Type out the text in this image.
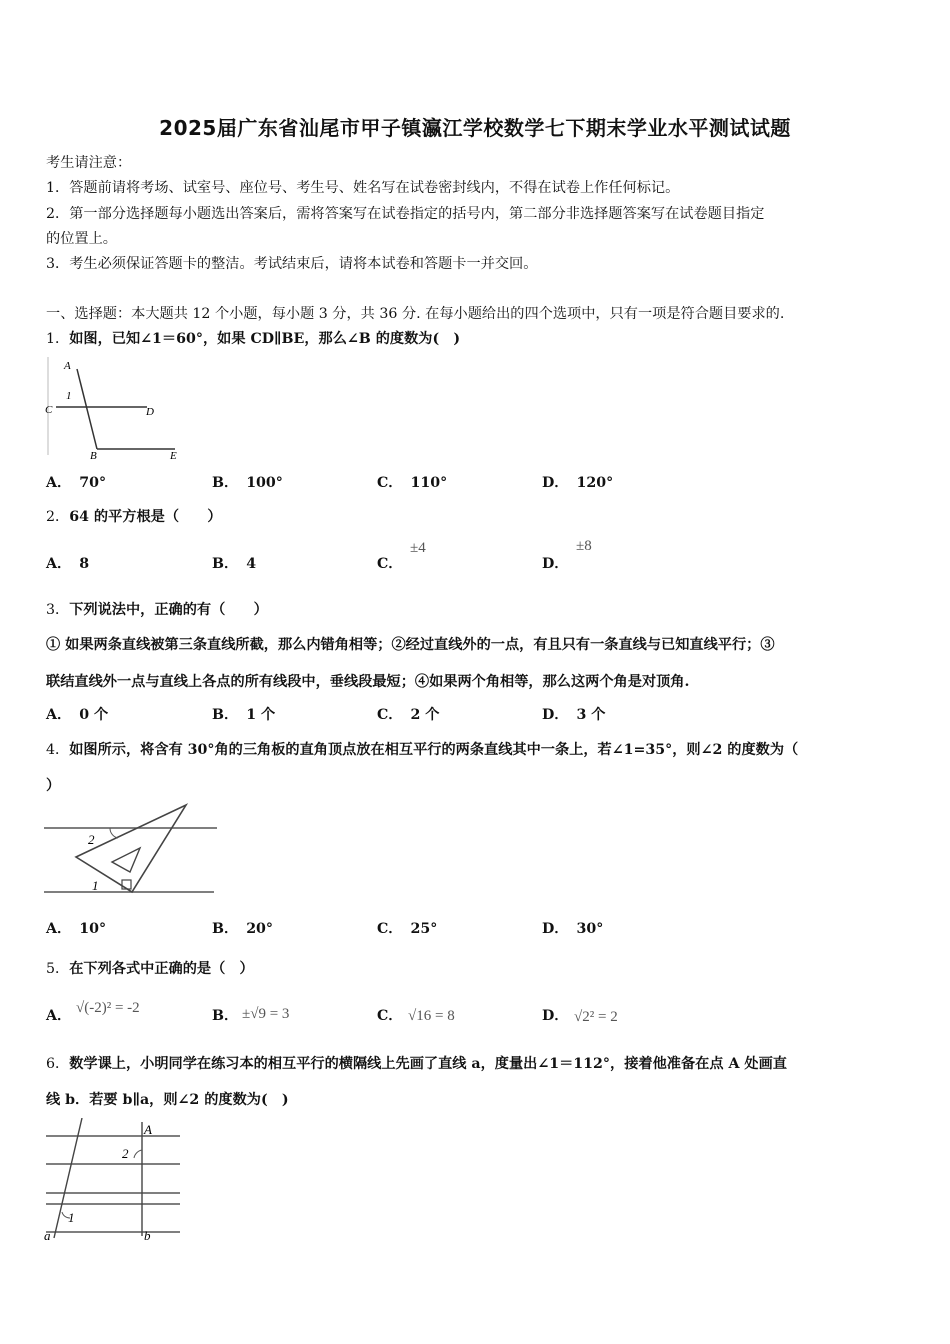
2025届广东省汕尾市甲子镇瀛江学校数学七下期末学业水平测试试题
考生请注意：
1．答题前请将考场、试室号、座位号、考生号、姓名写在试卷密封线内，不得在试卷上作任何标记。
2．第一部分选择题每小题选出答案后，需将答案写在试卷指定的括号内，第二部分非选择题答案写在试卷题目指定
的位置上。
3．考生必须保证答题卡的整洁。考试结束后，请将本试卷和答题卡一并交回。
一、选择题：本大题共 12 个小题，每小题 3 分，共 36 分. 在每小题给出的四个选项中，只有一项是符合题目要求的.
1．如图，已知∠1＝60°，如果 CD∥BE，那么∠B 的度数为(　)
A
1
C	D
B	E
A． 70°	B． 100°	C． 110°	D． 120°
2．64 的平方根是（　　）
A． 8	B． 4	C．
±4
D．
±8
3．下列说法中，正确的有（　　）
① 如果两条直线被第三条直线所截，那么内错角相等；②经过直线外的一点，有且只有一条直线与已知直线平行；③
联结直线外一点与直线上各点的所有线段中，垂线段最短；④如果两个角相等，那么这两个角是对顶角.
A． 0 个	B． 1 个	C． 2 个	D． 3 个
4．如图所示，将含有 30°角的三角板的直角顶点放在相互平行的两条直线其中一条上，若∠1=35°，则∠2 的度数为（
）
2
1
A． 10°	B． 20°	C． 25°	D． 30°
5．在下列各式中正确的是（　）
A． √(-2)² = -2	B． ±√9 = 3	C． √16 = 8	D． √2² = 2
6．数学课上，小明同学在练习本的相互平行的横隔线上先画了直线 a，度量出∠1＝112°，接着他准备在点 A 处画直
线 b．若要 b∥a，则∠2 的度数为(　)
A
2
1
a	b
